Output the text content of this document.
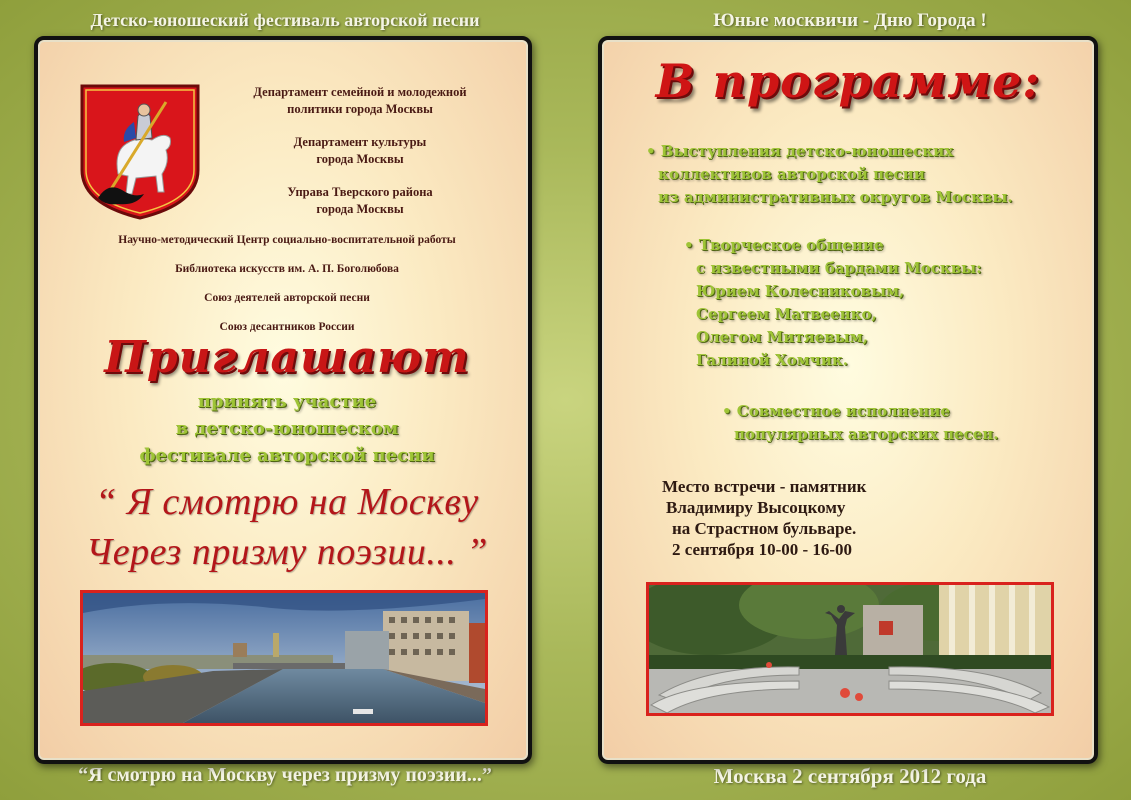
Детско-юношеский фестиваль авторской песни	Юные москвичи - Дню Города !
“Я смотрю на Москву через призму поэзии...”	Москва 2 сентября 2012 года
Департамент семейной и молодежной
политики города Москвы
Департамент культуры
города Москвы
Управа Тверского района
города Москвы
Научно-методический Центр социально-воспитательной работы
Библиотека искусств им. А. П. Боголюбова
Союз деятелей авторской песни
Союз десантников России
Приглашают
принять участие
в детско-юношеском
фестивале авторской песни
“ Я смотрю на Москву
Через призму поэзии... ”
В программе:
• Выступления детско-юношеских
коллективов авторской песни
из административных округов Москвы.
• Творческое общение
с известными бардами Москвы:
Юрием Колесниковым,
Сергеем Матвеенко,
Олегом Митяевым,
Галиной Хомчик.
• Совместное исполнение
популярных авторских песен.
Место встречи - памятник
Владимиру Высоцкому
на Страстном бульваре.
2 сентября 10-00 - 16-00
